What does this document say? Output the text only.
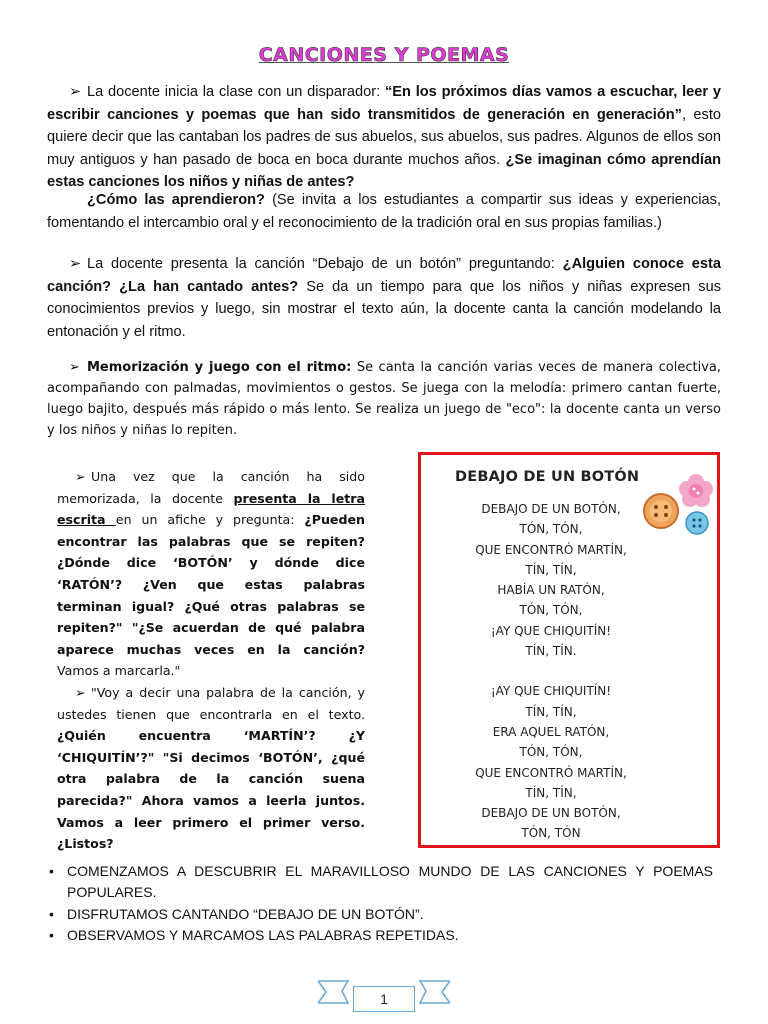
CANCIONES Y POEMAS
➢ La docente inicia la clase con un disparador: “En los próximos días vamos a escuchar, leer y escribir canciones y poemas que han sido transmitidos de generación en generación”, esto quiere decir que las cantaban los padres de sus abuelos, sus abuelos, sus padres. Algunos de ellos son muy antiguos y han pasado de boca en boca durante muchos años. ¿Se imaginan cómo aprendían estas canciones los niños y niñas de antes?
¿Cómo las aprendieron? (Se invita a los estudiantes a compartir sus ideas y experiencias, fomentando el intercambio oral y el reconocimiento de la tradición oral en sus propias familias.)
➢ La docente presenta la canción “Debajo de un botón” preguntando: ¿Alguien conoce esta canción? ¿La han cantado antes? Se da un tiempo para que los niños y niñas expresen sus conocimientos previos y luego, sin mostrar el texto aún, la docente canta la canción modelando la entonación y el ritmo.
➢ Memorización y juego con el ritmo: Se canta la canción varias veces de manera colectiva, acompañando con palmadas, movimientos o gestos. Se juega con la melodía: primero cantan fuerte, luego bajito, después más rápido o más lento. Se realiza un juego de "eco": la docente canta un verso y los niños y niñas lo repiten.
➢ Una vez que la canción ha sido memorizada, la docente presenta la letra escrita en un afiche y pregunta: ¿Pueden encontrar las palabras que se repiten? ¿Dónde dice ‘BOTÓN’ y dónde dice ‘RATÓN’? ¿Ven que estas palabras terminan igual? ¿Qué otras palabras se repiten?" "¿Se acuerdan de qué palabra aparece muchas veces en la canción? Vamos a marcarla."
➢ "Voy a decir una palabra de la canción, y ustedes tienen que encontrarla en el texto. ¿Quién encuentra ‘MARTÍN’? ¿Y ‘CHIQUITÍN’?" "Si decimos ‘BOTÓN’, ¿qué otra palabra de la canción suena parecida?" Ahora vamos a leerla juntos. Vamos a leer primero el primer verso. ¿Listos?
DEBAJO DE UN BOTÓN
DEBAJO DE UN BOTÓN,
TÓN, TÓN,
QUE ENCONTRÓ MARTÍN,
TÍN, TÍN,
HABÍA UN RATÓN,
TÓN, TÓN,
¡AY QUE CHIQUITÍN!
TÍN, TÍN.
¡AY QUE CHIQUITÍN!
TÍN, TÍN,
ERA AQUEL RATÓN,
TÓN, TÓN,
QUE ENCONTRÓ MARTÍN,
TÍN, TÍN,
DEBAJO DE UN BOTÓN,
TÓN, TÓN
• COMENZAMOS A DESCUBRIR EL MARAVILLOSO MUNDO DE LAS CANCIONES Y POEMAS POPULARES.
• DISFRUTAMOS CANTANDO “DEBAJO DE UN BOTÓN”.
• OBSERVAMOS Y MARCAMOS LAS PALABRAS REPETIDAS.
1
